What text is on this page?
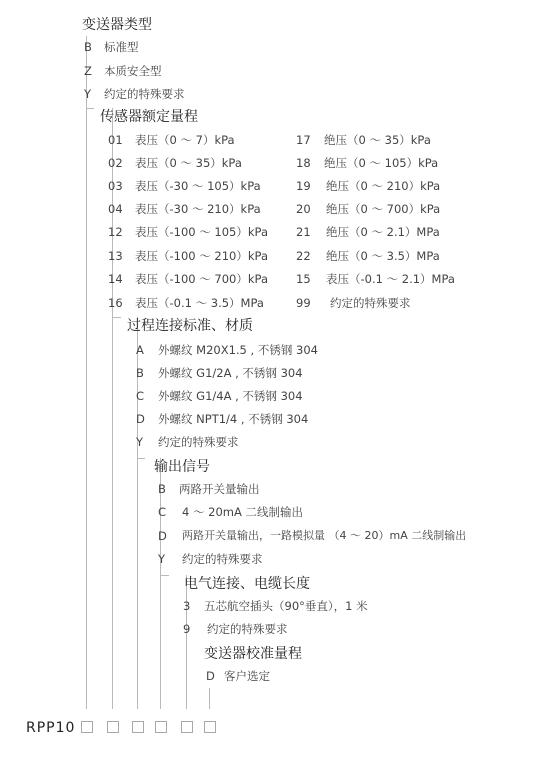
变送器类型
B 标准型
Z 本质安全型
Y 约定的特殊要求
传感器额定量程
01 表压（0 ～ 7）kPa
02 表压（0 ～ 35）kPa
03 表压（-30 ～ 105）kPa
04 表压（-30 ～ 210）kPa
12 表压（-100 ～ 105）kPa
13 表压（-100 ～ 210）kPa
14 表压（-100 ～ 700）kPa
16 表压（-0.1 ～ 3.5）MPa
17 绝压（0 ～ 35）kPa
18 绝压（0 ～ 105）kPa
19 绝压（0 ～ 210）kPa
20 绝压（0 ～ 700）kPa
21 绝压（0 ～ 2.1）MPa
22 绝压（0 ～ 3.5）MPa
15 表压（-0.1 ～ 2.1）MPa
99 约定的特殊要求
过程连接标准、材质
A 外螺纹 M20X1.5 , 不锈钢 304
B 外螺纹 G1/2A , 不锈钢 304
C 外螺纹 G1/4A , 不锈钢 304
D 外螺纹 NPT1/4 , 不锈钢 304
Y 约定的特殊要求
输出信号
B 两路开关量输出
C 4 ～ 20mA 二线制输出
D 两路开关量输出，一路模拟量 （4 ～ 20）mA 二线制输出
Y 约定的特殊要求
电气连接、电缆长度
3 五芯航空插头（90°垂直），1 米
9 约定的特殊要求
变送器校准量程
D 客户选定
RPP10
